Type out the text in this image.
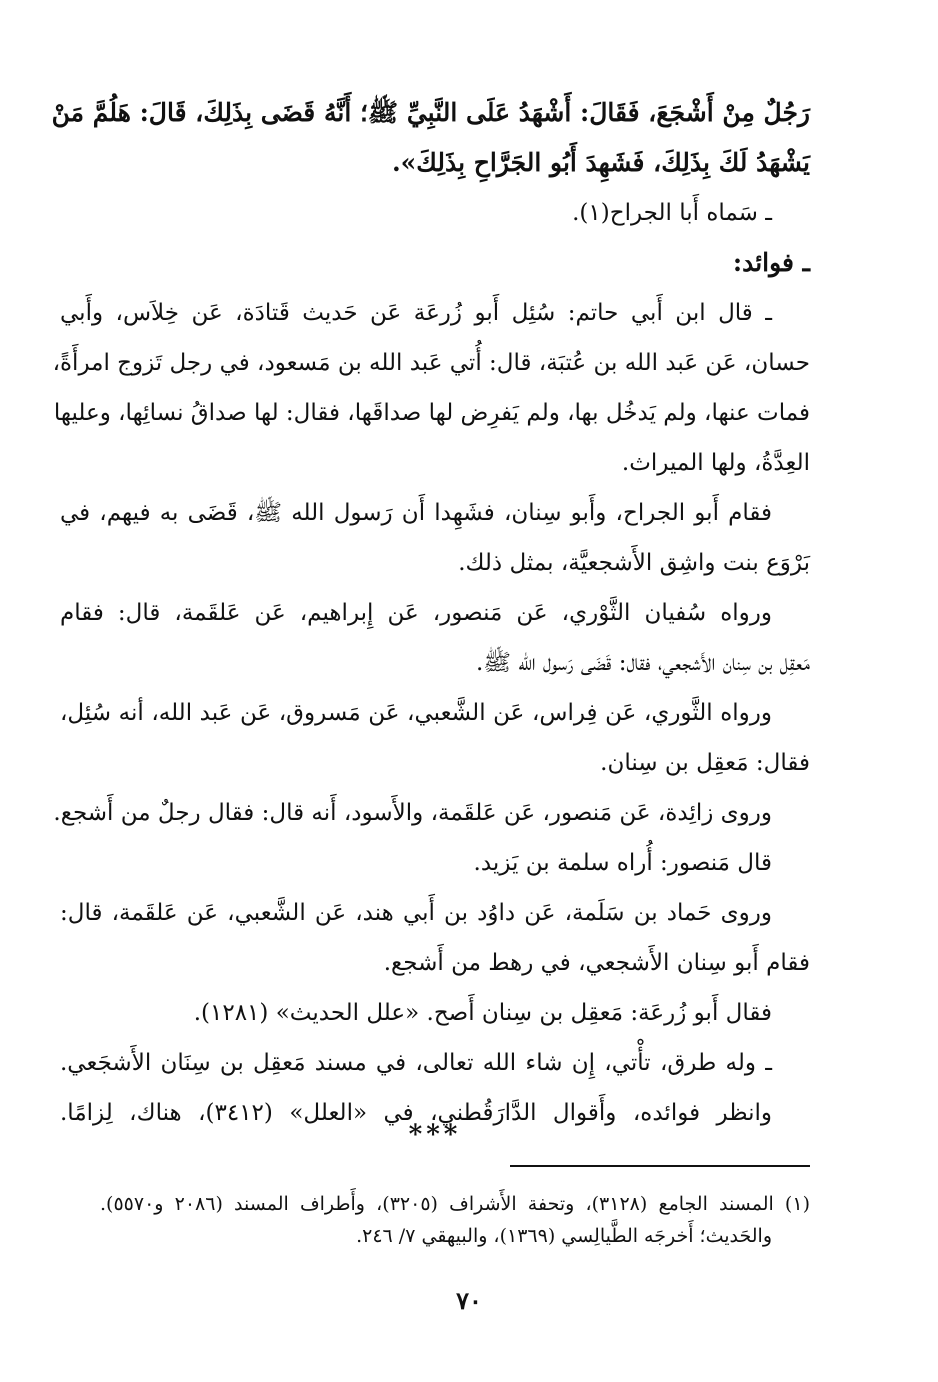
رَجُلٌ مِنْ أَشْجَعَ، فَقَالَ: أَشْهَدُ عَلَى النَّبِيِّ ﷺ؛ أَنَّهُ قَضَى بِذَلِكَ، قَالَ: هَلُمَّ مَنْ

يَشْهَدُ لَكَ بِذَلِكَ، فَشَهِدَ أَبُو الجَرَّاحِ بِذَلِكَ».

ـ سَماه أَبا الجراح(١).

ـ فوائد:

ـ قال ابن أَبي حاتم: سُئِل أَبو زُرعَة عَن حَديث قَتادَة، عَن خِلاَس، وأَبي

حسان، عَن عَبد الله بن عُتبَة، قال: أُتي عَبد الله بن مَسعود، في رجل تَزوج امرأَةً،

فمات عنها، ولم يَدخُل بها، ولم يَفرِض لها صداقَها، فقال: لها صداقُ نسائِها، وعليها

العِدَّةُ، ولها الميراث.

فقام أَبو الجراح، وأَبو سِنان، فشَهِدا أَن رَسول الله ﷺ، قَضَى به فيهم، في

بَرْوَع بنت واشِق الأَشجعيَّة، بمثل ذلك.

ورواه سُفيان الثَّوْري، عَن مَنصور، عَن إِبراهيم، عَن عَلقَمة، قال: فقام

مَعقِل بن سِنان الأَشجعي، فقال: قَضَى رَسول الله ﷺ.

ورواه الثَّوري، عَن فِراس، عَن الشَّعبي، عَن مَسروق، عَن عَبد الله، أنه سُئِل،

فقال: مَعقِل بن سِنان.

وروى زائِدة، عَن مَنصور، عَن عَلقَمة، والأَسود، أَنه قال: فقال رجلٌ من أَشجع.

قال مَنصور: أُراه سلمة بن يَزيد.

وروى حَماد بن سَلَمة، عَن داوُد بن أَبي هند، عَن الشَّعبي، عَن عَلقَمة، قال:

فقام أَبو سِنان الأَشجعي، في رهط من أَشجع.

فقال أَبو زُرعَة: مَعقِل بن سِنان أَصح. «علل الحديث» (١٢٨١).

ـ وله طرق، تأْتي، إِن شاء الله تعالى، في مسند مَعقِل بن سِنَان الأَشجَعي.

وانظر فوائده، وأَقوال الدَّارَقُطني، في «العلل» (٣٤١٢)، هناك، لِزامًا.

***

(١) المسند الجامع (٣١٢٨)، وتحفة الأَشراف (٣٢٠٥)، وأَطراف المسند (٢٠٨٦ و٥٥٧٠).

والحَديث؛ أَخرجَه الطَّيالِسي (١٣٦٩)، والبيهقي ٧/ ٢٤٦.

٧٠
